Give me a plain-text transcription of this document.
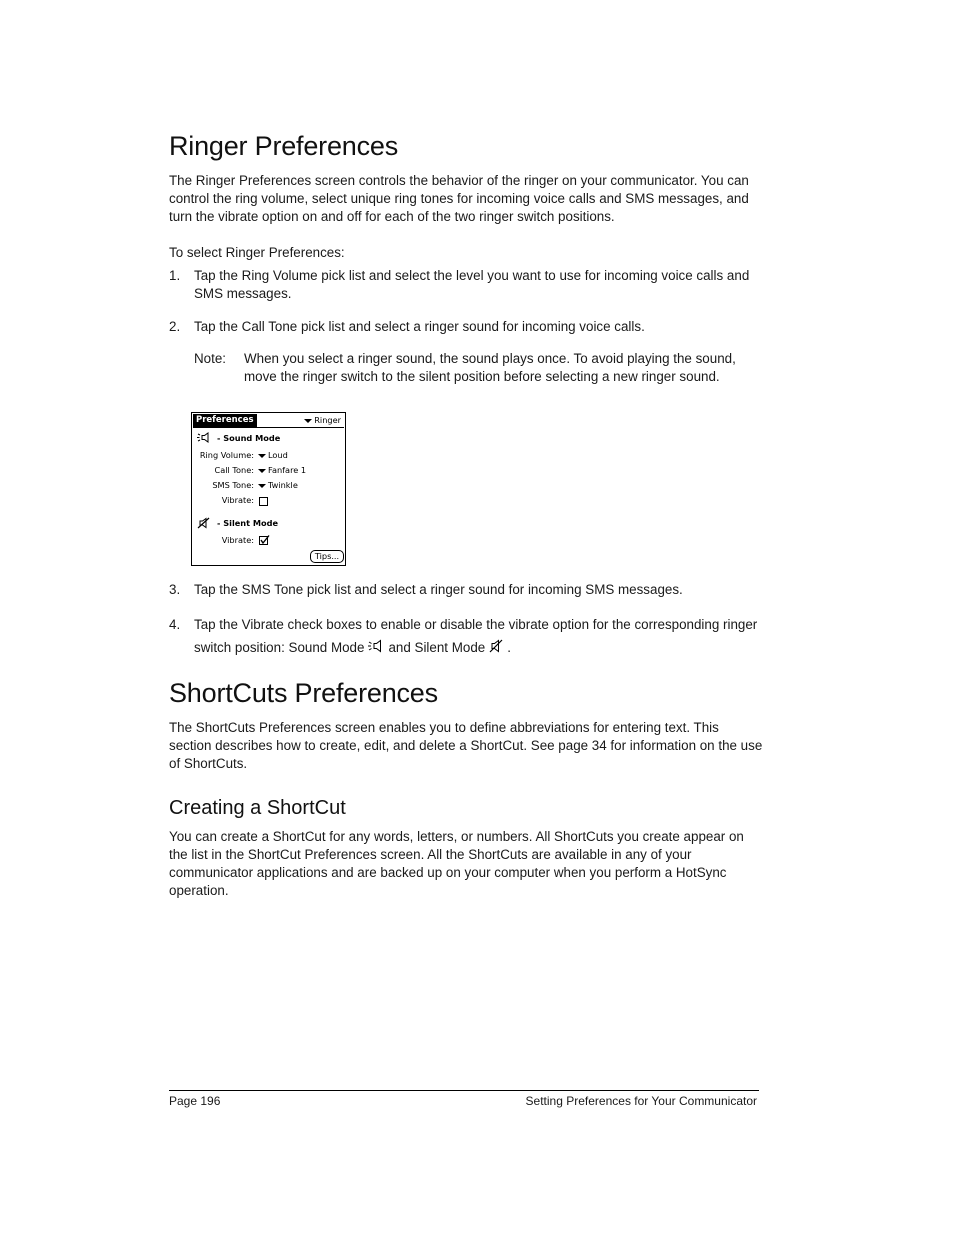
Ringer Preferences

The Ringer Preferences screen controls the behavior of the ringer on your communicator. You can control the ring volume, select unique ring tones for incoming voice calls and SMS messages, and turn the vibrate option on and off for each of the two ringer switch positions.

To select Ringer Preferences:

1. Tap the Ring Volume pick list and select the level you want to use for incoming voice calls and SMS messages.
2. Tap the Call Tone pick list and select a ringer sound for incoming voice calls.
Note: When you select a ringer sound, the sound plays once. To avoid playing the sound, move the ringer switch to the silent position before selecting a new ringer sound.
Preferences	Ringer
- Sound Mode
Ring Volume:	Loud
Call Tone:	Fanfare 1
SMS Tone:	Twinkle
Vibrate:
- Silent Mode
Vibrate:
Tips...
3. Tap the SMS Tone pick list and select a ringer sound for incoming SMS messages.
4. Tap the Vibrate check boxes to enable or disable the vibrate option for the corresponding ringer switch position: Sound Mode and Silent Mode .
ShortCuts Preferences

The ShortCuts Preferences screen enables you to define abbreviations for entering text. This section describes how to create, edit, and delete a ShortCut. See page 34 for information on the use of ShortCuts.

Creating a ShortCut

You can create a ShortCut for any words, letters, or numbers. All ShortCuts you create appear on the list in the ShortCut Preferences screen. All the ShortCuts are available in any of your communicator applications and are backed up on your computer when you perform a HotSync operation.

Page 196	Setting Preferences for Your Communicator
